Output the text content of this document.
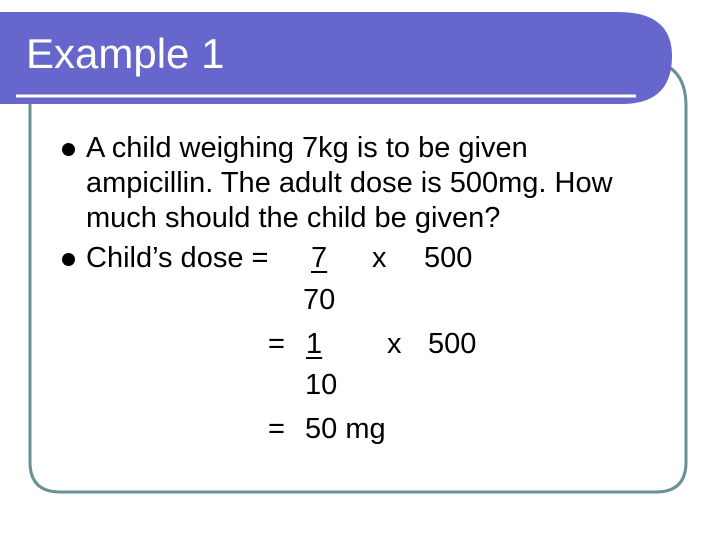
Example 1
A child weighing 7kg is to be given
ampicillin. The adult dose is 500mg. How
much should the child be given?
Child’s dose = 7 x 500
70
= 1 x 500
10
= 50 mg
